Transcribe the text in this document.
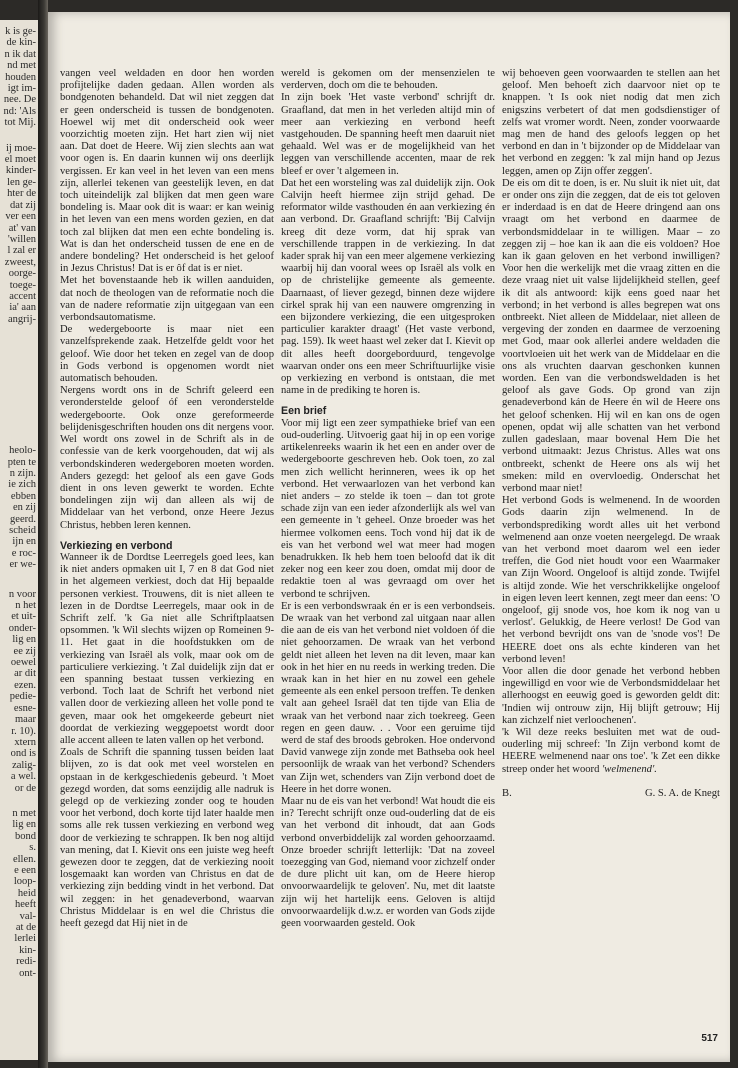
k is ge-
de kin-
n ik dat
nd met
houden
igt im-
nee. De
nd: 'Als
tot Mij.
ij moe-
el moet
kinder-
len ge-
hter de
dat zij
ver een
at' van
'willen
l zal er
zweest,
oorge-
toege-
accent
ia' aan
angrij-
heolo-
pten te
n zijn.
ie zich
ebben
en zij
geerd.
scheid
ijn en
e roc-
er we-
n voor
n het
et uit-
onder-
lig en
ee zij
oewel
ar dit
ezen.
pedie-
esne-
maar
r. 10).
xtern
ond is
zalig-
a wel.
or de
n met
lig en
bond
s.
ellen.
e een
loop-
heid
heeft
val-
at de
lerlei
kin-
redi-
ont-

vangen veel weldaden en door hen worden profijtelijke daden gedaan. Allen worden als bondgenoten behandeld. Dat wil niet zeggen dat er geen onderscheid is tussen de bondgenoten. Hoewel wij met dit onderscheid ook weer voorzichtig moeten zijn. Het hart zien wij niet aan. Dat doet de Heere. Wij zien slechts aan wat voor ogen is. En daarin kunnen wij ons deerlijk vergissen. Er kan veel in het leven van een mens zijn, allerlei tekenen van geestelijk leven, en dat toch uiteindelijk zal blijken dat men geen ware bondeling is. Maar ook dit is waar: er kan weinig in het leven van een mens worden gezien, en dat toch zal blijken dat men een echte bondeling is. Wat is dan het onderscheid tussen de ene en de andere bondeling? Het onderscheid is het geloof in Jezus Christus! Dat is er ôf dat is er niet.

Met het bovenstaande heb ik willen aanduiden, dat noch de theologen van de reformatie noch die van de nadere reformatie zijn uitgegaan van een verbondsautomatisme.

De wedergeboorte is maar niet een vanzelfsprekende zaak. Hetzelfde geldt voor het geloof. Wie door het teken en zegel van de doop in Gods verbond is opgenomen wordt niet automatisch behouden.

Nergens wordt ons in de Schrift geleerd een veronderstelde geloof óf een veronderstelde wedergeboorte. Ook onze gereformeerde belijdenisgeschriften houden ons dit nergens voor. Wel wordt ons zowel in de Schrift als in de confessie van de kerk voorgehouden, dat wij als verbondskinderen wedergeboren moeten worden. Anders gezegd: het geloof als een gave Gods dient in ons leven gewerkt te worden. Echte bondelingen zijn wij dan alleen als wij de Middelaar van het verbond, onze Heere Jezus Christus, hebben leren kennen.

Verkiezing en verbond

Wanneer ik de Dordtse Leerregels goed lees, kan ik niet anders opmaken uit I, 7 en 8 dat God niet in het algemeen verkiest, doch dat Hij bepaalde personen verkiest. Trouwens, dit is niet alleen te lezen in de Dordtse Leerregels, maar ook in de Schrift zelf. 'k Ga niet alle Schriftplaatsen opsommen. 'k Wil slechts wijzen op Romeinen 9-11. Het gaat in die hoofdstukken om de verkiezing van Israël als volk, maar ook om de particuliere verkiezing. 't Zal duidelijk zijn dat er een spanning bestaat tussen verkiezing en verbond. Toch laat de Schrift het verbond niet vallen door de verkiezing alleen het volle pond te geven, maar ook het omgekeerde gebeurt niet doordat de verkiezing weggepoetst wordt door alle accent alleen te laten vallen op het verbond.

Zoals de Schrift die spanning tussen beiden laat blijven, zo is dat ook met veel worstelen en opstaan in de kerkgeschiedenis gebeurd. 't Moet gezegd worden, dat soms eenzijdig alle nadruk is gelegd op de verkiezing zonder oog te houden voor het verbond, doch korte tijd later haalde men soms alle rek tussen verkiezing en verbond weg door de verkiezing te schrappen. Ik ben nog altijd van mening, dat I. Kievit ons een juiste weg heeft gewezen door te zeggen, dat de verkiezing nooit losgemaakt kan worden van Christus en dat de verkiezing zijn bedding vindt in het verbond. Dat wil zeggen: in het genadeverbond, waarvan Christus Middelaar is en wel die Christus die heeft gezegd dat Hij niet in de

wereld is gekomen om der mensenzielen te verderven, doch om die te behouden.

In zijn boek 'Het vaste verbond' schrijft dr. Graafland, dat men in het verleden altijd min of meer aan verkiezing en verbond heeft vastgehouden. De spanning heeft men daaruit niet gehaald. Wel was er de mogelijkheid van het leggen van verschillende accenten, maar de rek bleef er over 't algemeen in.

Dat het een worsteling was zal duidelijk zijn. Ook Calvijn heeft hiermee zijn strijd gehad. De reformator wilde vasthouden én aan verkiezing én aan verbond. Dr. Graafland schrijft: 'Bij Calvijn kreeg dit deze vorm, dat hij sprak van verschillende trappen in de verkiezing. In dat kader sprak hij van een meer algemene verkiezing waarbij hij dan vooral wees op Israël als volk en op de christelijke gemeente als gemeente. Daarnaast, of liever gezegd, binnen deze wijdere cirkel sprak hij van een nauwere omgrenzing in een bijzondere verkiezing, die een uitgesproken particulier karakter draagt' (Het vaste verbond, pag. 159). Ik weet haast wel zeker dat I. Kievit op dit alles heeft doorgeborduurd, tengevolge waarvan onder ons een meer Schriftuurlijke visie op verkiezing en verbond is ontstaan, die met name in de prediking te horen is.

Een brief

Voor mij ligt een zeer sympathieke brief van een oud-ouderling. Uitvoerig gaat hij in op een vorige artikelenreeks waarin ik het een en ander over de wedergeboorte geschreven heb. Ook toen, zo zal men zich wellicht herinneren, wees ik op het verbond. Het verwaarlozen van het verbond kan niet anders – zo stelde ik toen – dan tot grote schade zijn van een ieder afzonderlijk als wel van een gemeente in 't geheel. Onze broeder was het hiermee volkomen eens. Toch vond hij dat ik de eis van het verbond wel wat meer had mogen benadrukken. Ik heb hem toen beloofd dat ik dit zeker nog een keer zou doen, omdat mij door de redaktie toen al was gevraagd om over het verbond te schrijven.

Er is een verbondswraak én er is een verbondseis. De wraak van het verbond zal uitgaan naar allen die aan de eis van het verbond niet voldoen óf die niet gehoorzamen. De wraak van het verbond geldt niet alleen het leven na dit leven, maar kan ook in het hier en nu reeds in werking treden. Die wraak kan in het hier en nu zowel een gehele gemeente als een enkel persoon treffen. Te denken valt aan geheel Israël dat ten tijde van Elia de wraak van het verbond naar zich toekreeg. Geen regen en geen dauw. . . Voor een geruime tijd werd de staf des broods gebroken. Hoe ondervond David vanwege zijn zonde met Bathseba ook heel persoonlijk de wraak van het verbond? Schenders van Zijn wet, schenders van Zijn verbond doet de Heere in het dorre wonen.

Maar nu de eis van het verbond! Wat houdt die eis in? Terecht schrijft onze oud-ouderling dat de eis van het verbond dit inhoudt, dat aan Gods verbond onverbiddelijk zal worden gehoorzaamd. Onze broeder schrijft letterlijk: 'Dat na zoveel toezegging van God, niemand voor zichzelf onder de dure plicht uit kan, om de Heere hierop onvoorwaardelijk te geloven'. Nu, met dit laatste zijn wij het hartelijk eens. Geloven is altijd onvoorwaardelijk d.w.z. er worden van Gods zijde geen voorwaarden gesteld. Ook

wij behoeven geen voorwaarden te stellen aan het geloof. Men behoeft zich daarvoor niet op te knappen. 't Is ook niet nodig dat men zich enigszins verbetert of dat men godsdienstiger of zelfs wat vromer wordt. Neen, zonder voorwaarde mag men de hand des geloofs leggen op het verbond en dan in 't bijzonder op de Middelaar van het verbond en zeggen: 'k zal mijn hand op Jezus leggen, amen op Zijn offer zeggen'.

De eis om dit te doen, is er. Nu sluit ik niet uit, dat er onder ons zijn die zeggen, dat de eis tot geloven er inderdaad is en dat de Heere dringend aan ons vraagt om het verbond en daarmee de verbondsmiddelaar in te willigen. Maar – zo zeggen zij – hoe kan ik aan die eis voldoen? Hoe kan ik gaan geloven en het verbond inwilligen? Voor hen die werkelijk met die vraag zitten en die deze vraag niet uit valse lijdelijkheid stellen, geef ik dit als antwoord: kijk eens goed naar het verbond; in het verbond is alles begrepen wat ons ontbreekt. Niet alleen de Middelaar, niet alleen de vergeving der zonden en daarmee de verzoening met God, maar ook allerlei andere weldaden die voortvloeien uit het werk van de Middelaar en die ons als vruchten daarvan geschonken kunnen worden. Een van die verbondsweldaden is het geloof als gave Gods. Op grond van zijn genadeverbond kán de Heere én wil de Heere ons het geloof schenken. Hij wil en kan ons de ogen openen, opdat wij alle schatten van het verbond zullen gadeslaan, maar bovenal Hem Die het verbond uitmaakt: Jezus Christus. Alles wat ons ontbreekt, schenkt de Heere ons als wij het smeken: mild en overvloedig. Onderschat het verbond maar niet!

Het verbond Gods is welmenend. In de woorden Gods daarin zijn welmenend. In de verbondsprediking wordt alles uit het verbond welmenend aan onze voeten neergelegd. De wraak van het verbond moet daarom wel een ieder treffen, die God niet houdt voor een Waarmaker van Zijn Woord. Ongeloof is altijd zonde. Twijfel is altijd zonde. Wie het verschrikkelijke ongeloof in eigen leven leert kennen, zegt meer dan eens: 'O ongeloof, gij snode vos, hoe kom ik nog van u verlost'. Gelukkig, de Heere verlost! De God van het verbond bevrijdt ons van de 'snode vos'! De HEERE doet ons als echte kinderen van het verbond leven!

Voor allen die door genade het verbond hebben ingewilligd en voor wie de Verbondsmiddelaar het allerhoogst en eeuwig goed is geworden geldt dit: 'Indien wij ontrouw zijn, Hij blijft getrouw; Hij kan zichzelf niet verloochenen'.

'k Wil deze reeks besluiten met wat de oud-ouderling mij schreef: 'In Zijn verbond komt de HEERE welmenend naar ons toe'. 'k Zet een dikke streep onder het woord 'welmenend'.

B.	G. S. A. de Knegt
517
